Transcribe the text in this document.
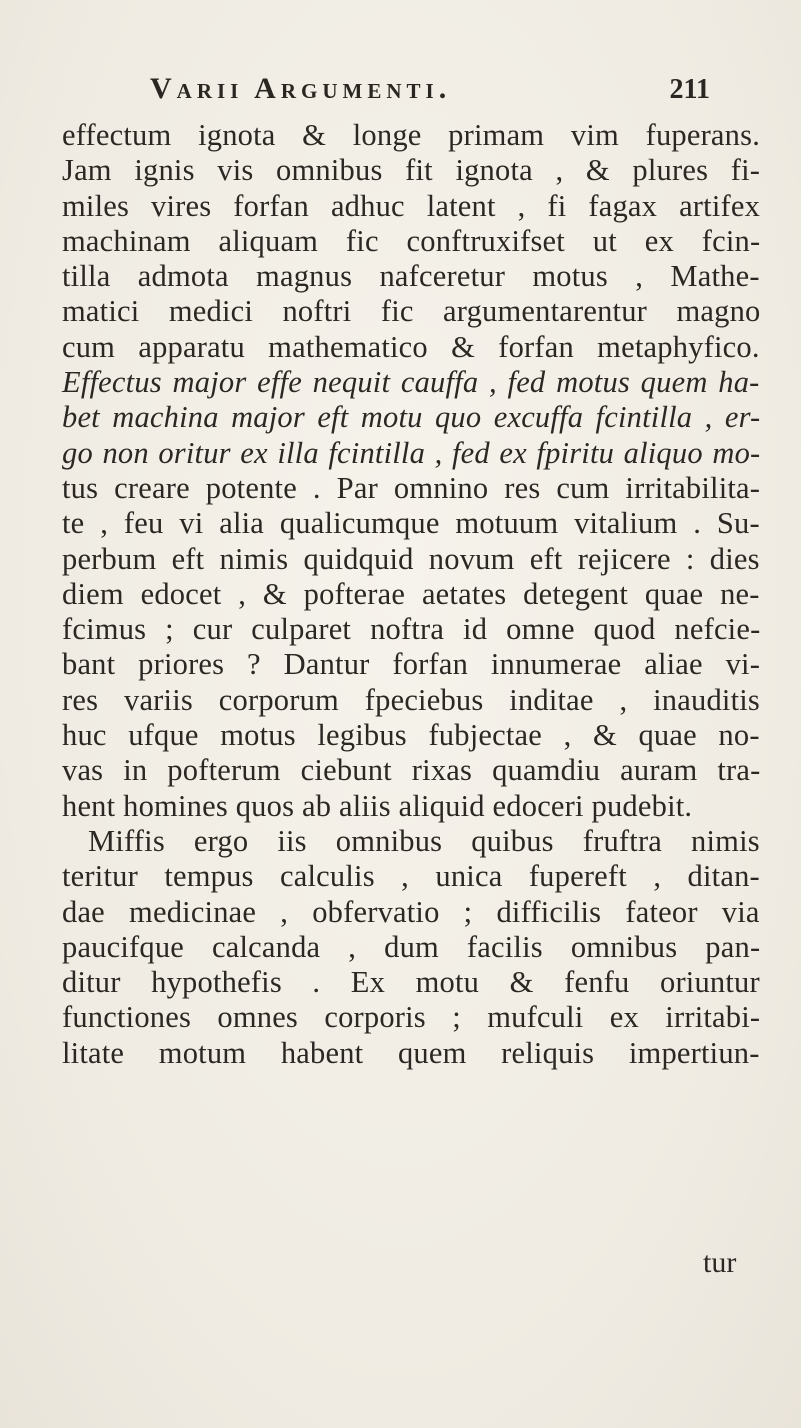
Varii Argumenti.	211
effectum ignota & longe primam vim fuperans.
Jam ignis vis omnibus fit ignota , & plures fi-
miles vires forfan adhuc latent , fi fagax artifex
machinam aliquam fic conftruxifset ut ex fcin-
tilla admota magnus nafceretur motus , Mathe-
matici medici noftri fic argumentarentur magno
cum apparatu mathematico & forfan metaphyfico.
Effectus major effe nequit cauffa , fed motus quem ha-
bet machina major eft motu quo excuffa fcintilla , er-
go non oritur ex illa fcintilla , fed ex fpiritu aliquo mo-
tus creare potente . Par omnino res cum irritabilita-
te , feu vi alia qualicumque motuum vitalium . Su-
perbum eft nimis quidquid novum eft rejicere : dies
diem edocet , & pofterae aetates detegent quae ne-
fcimus ; cur culparet noftra id omne quod nefcie-
bant priores ? Dantur forfan innumerae aliae vi-
res variis corporum fpeciebus inditae , inauditis
huc ufque motus legibus fubjectae , & quae no-
vas in pofterum ciebunt rixas quamdiu auram tra-
hent homines quos ab aliis aliquid edoceri pudebit.
Miffis ergo iis omnibus quibus fruftra nimis
teritur tempus calculis , unica fupereft , ditan-
dae medicinae , obfervatio ; difficilis fateor via
paucifque calcanda , dum facilis omnibus pan-
ditur hypothefis . Ex motu & fenfu oriuntur
functiones omnes corporis ; mufculi ex irritabi-
litate motum habent quem reliquis impertiun-
tur
